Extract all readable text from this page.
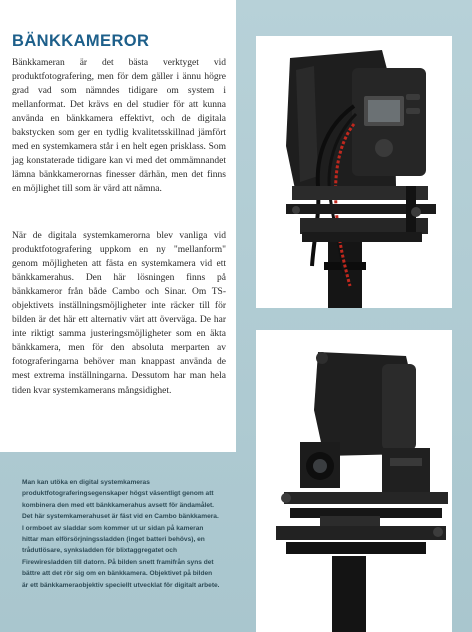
BÄNKKAMEROR

Bänkkameran är det bästa verktyget vid produktfotografering, men för dem gäller i ännu högre grad vad som nämndes tidigare om system i mellanformat. Det krävs en del studier för att kunna använda en bänkkamera effektivt, och de digitala bakstycken som ger en tydlig kvalitetsskillnad jämfört med en systemkamera står i en helt egen prisklass. Som jag konstaterade tidigare kan vi med det ommämnandet lämna bänkkamerornas finesser därhän, men det finns en möjlighet till som är värd att nämna.

När de digitala systemkamerorna blev vanliga vid produktfotografering uppkom en ny "mellanform" genom möjligheten att fästa en systemkamera vid ett bänkkamerahus. Den här lösningen finns på bänkkameror från både Cambo och Sinar. Om TS-objektivets inställningsmöjligheter inte räcker till för bilden är det här ett alternativ värt att överväga. De har inte riktigt samma justeringsmöjligheter som en äkta bänkkamera, men för den absoluta merparten av fotograferingarna behöver man knappast använda de mest extrema inställningarna. Dessutom har man hela tiden kvar systemkamerans mångsidighet.

Man kan utöka en digital systemkameras produktfotograferingsegenskaper högst väsentligt genom att kombinera den med ett bänkkamerahus avsett för ändamålet. Det här systemkamerahuset är fäst vid en Cambo bänkkamera. I ormboet av sladdar som kommer ut ur sidan på kameran hittar man elförsörjningssladden (inget batteri behövs), en trådutlösare, synksladden för blixtaggregatet och Firewiresladden till datorn. På bilden snett framifrån syns det bättre att det rör sig om en bänkkamera. Objektivet på bilden är ett bänkkameraobjektiv speciellt utvecklat för digitalt arbete.
